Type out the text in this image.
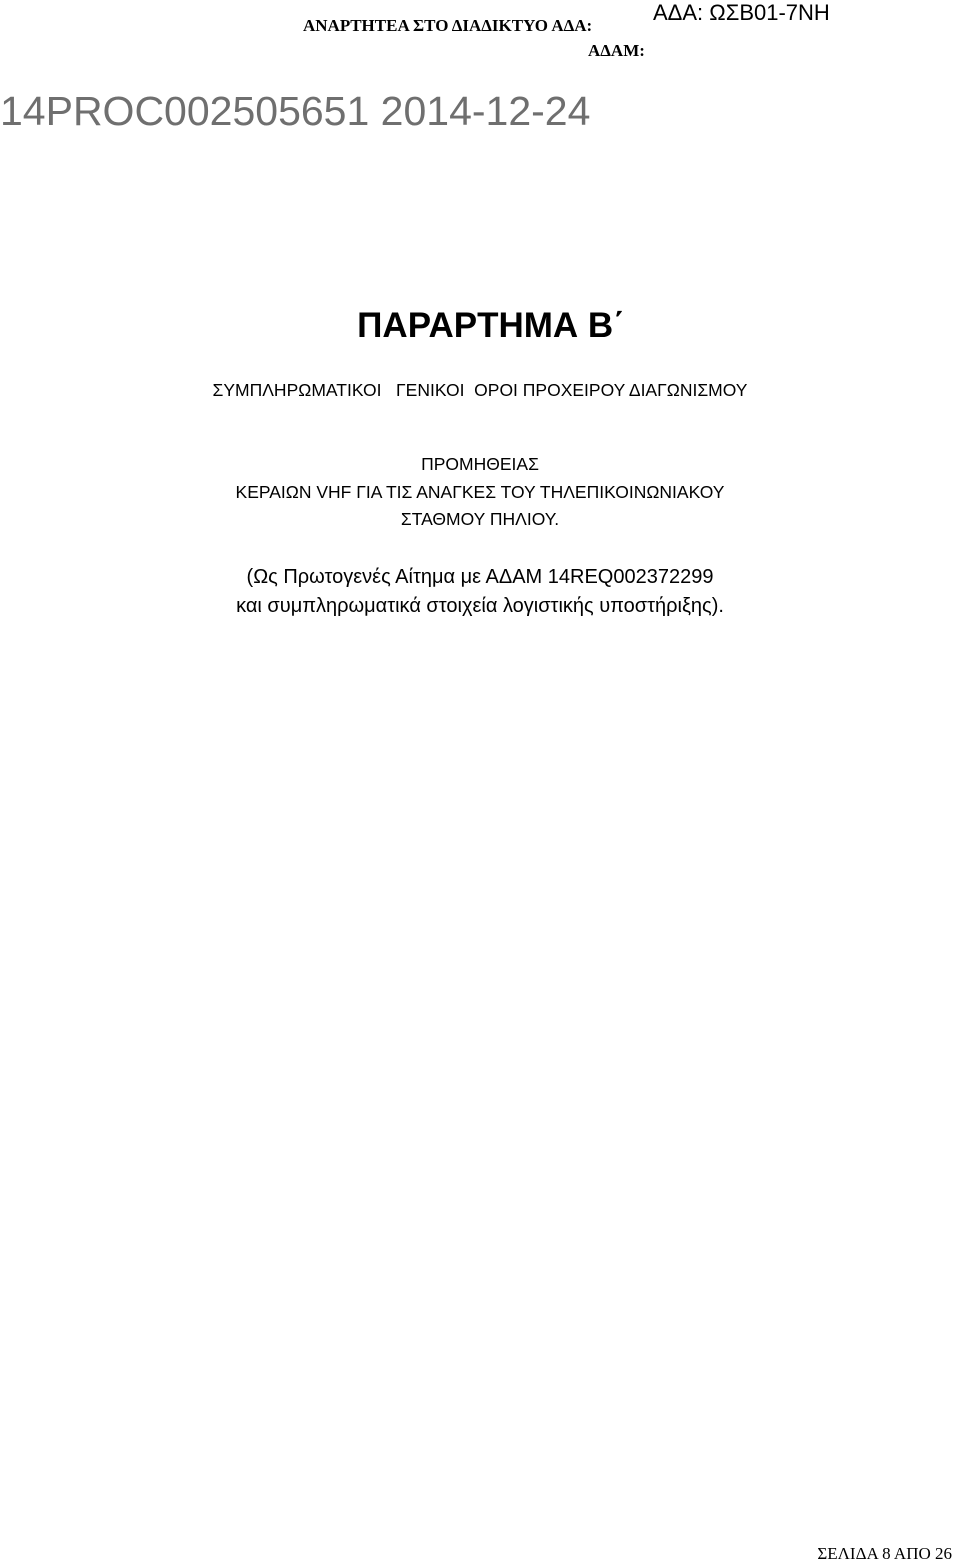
ΑΝΑΡΤΗΤΕΑ ΣΤΟ ΔΙΑΔΙΚΤΥΟ ΑΔΑ:
ΑΔΑ: ΩΣΒ01-7ΝΗ
ΑΔΑΜ:
14PROC002505651 2014-12-24
ΠΑΡΑΡΤΗΜΑ Β΄
ΣΥΜΠΛΗΡΩΜΑΤΙΚΟΙ   ΓΕΝΙΚΟΙ  ΟΡΟΙ ΠΡΟΧΕΙΡΟΥ ΔΙΑΓΩΝΙΣΜΟΥ
ΠΡΟΜΗΘΕΙΑΣ
ΚΕΡΑΙΩΝ VHF ΓΙΑ ΤΙΣ ΑΝΑΓΚΕΣ ΤΟΥ ΤΗΛΕΠΙΚΟΙΝΩΝΙΑΚΟΥ
ΣΤΑΘΜΟΥ ΠΗΛΙΟΥ.
(Ως Πρωτογενές Αίτημα με ΑΔΑΜ 14REQ002372299
και συμπληρωματικά στοιχεία λογιστικής υποστήριξης).
ΣΕΛΙΔΑ 8 ΑΠΟ 26
